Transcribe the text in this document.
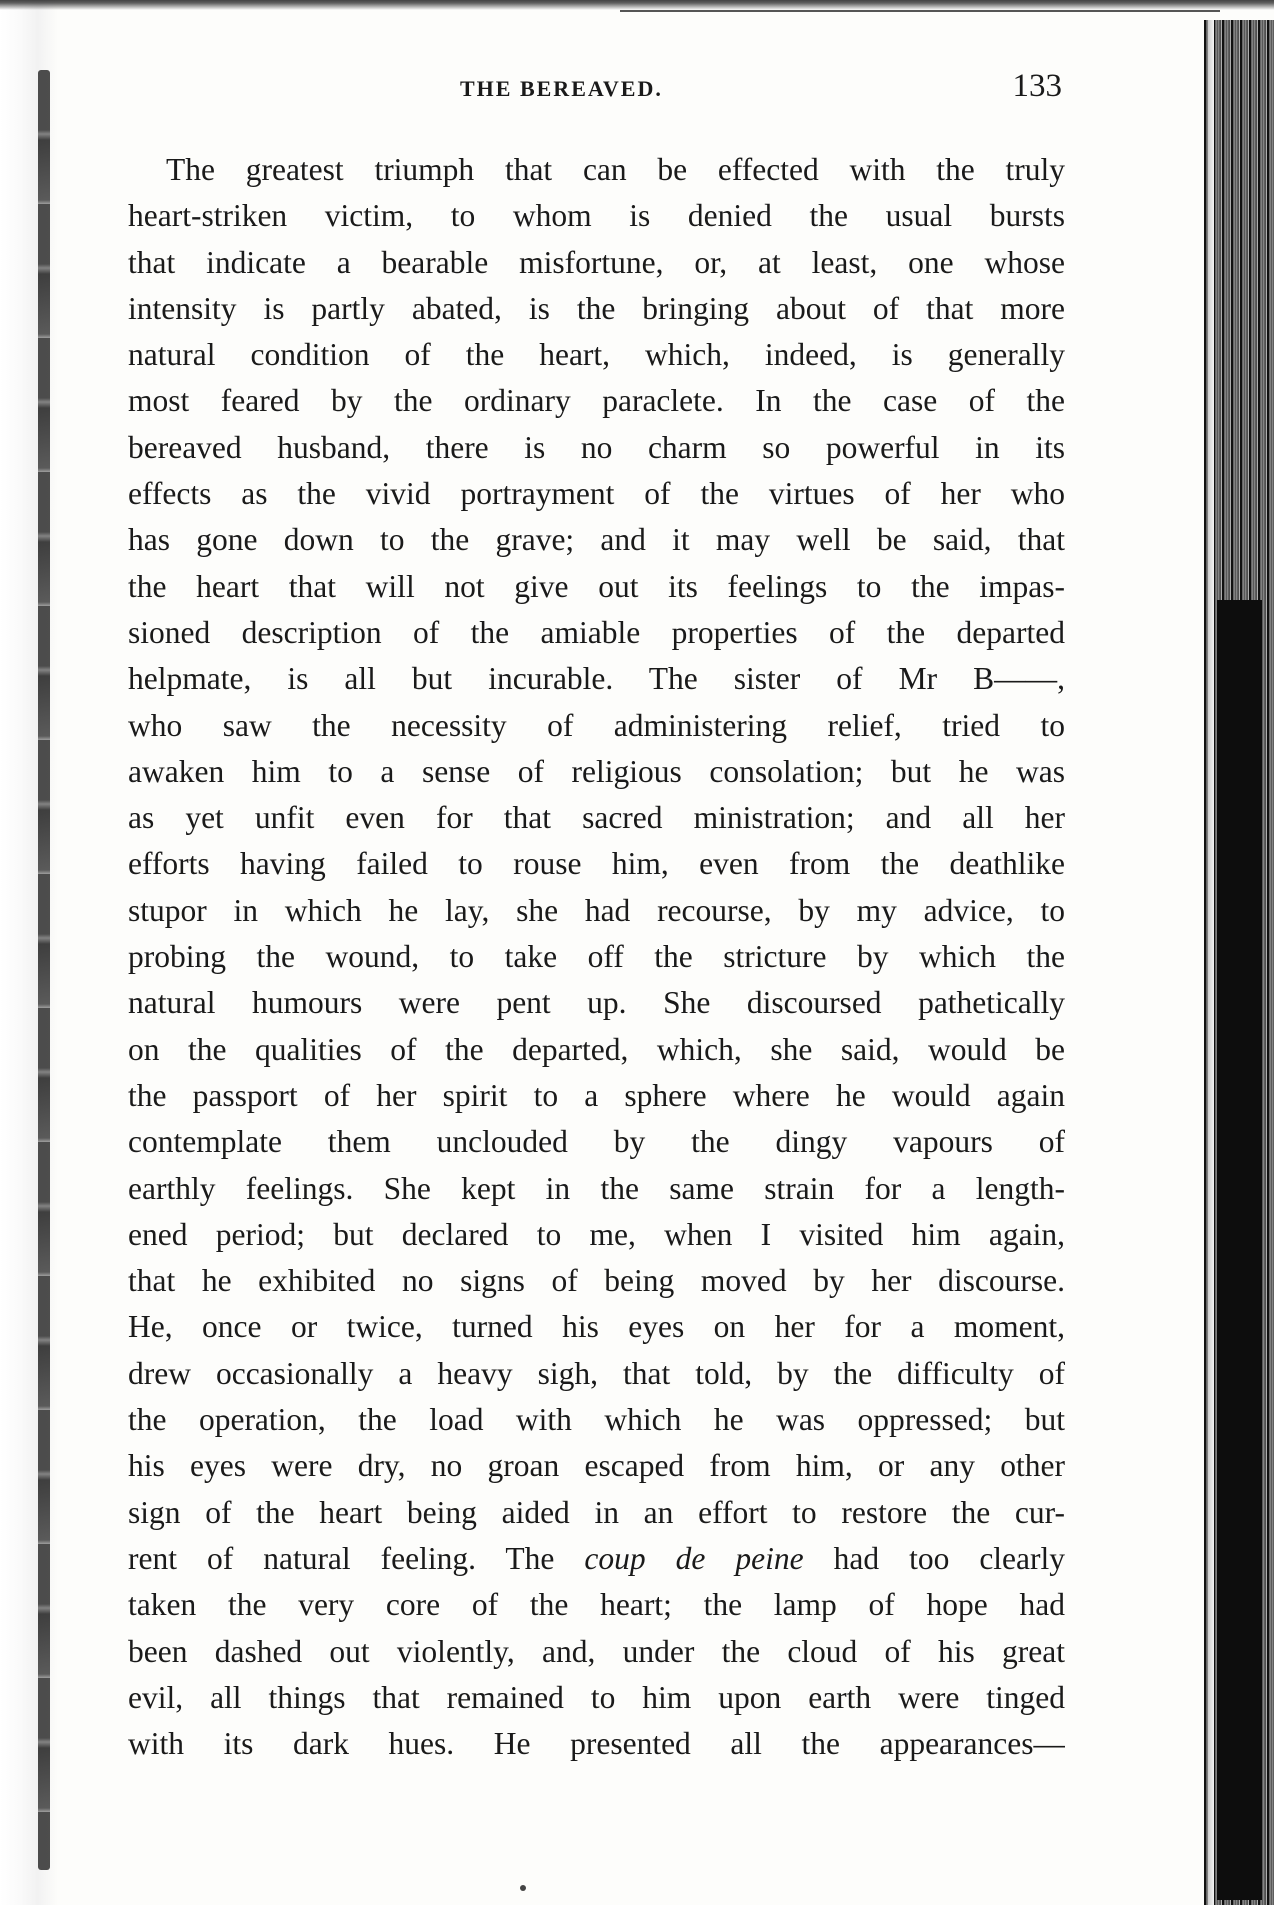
THE BEREAVED.	133
The greatest triumph that can be effected with the truly
heart-striken victim, to whom is denied the usual bursts
that indicate a bearable misfortune, or, at least, one whose
intensity is partly abated, is the bringing about of that more
natural condition of the heart, which, indeed, is generally
most feared by the ordinary paraclete. In the case of the
bereaved husband, there is no charm so powerful in its
effects as the vivid portrayment of the virtues of her who
has gone down to the grave; and it may well be said, that
the heart that will not give out its feelings to the impas-
sioned description of the amiable properties of the departed
helpmate, is all but incurable. The sister of Mr B——,
who saw the necessity of administering relief, tried to
awaken him to a sense of religious consolation; but he was
as yet unfit even for that sacred ministration; and all her
efforts having failed to rouse him, even from the deathlike
stupor in which he lay, she had recourse, by my advice, to
probing the wound, to take off the stricture by which the
natural humours were pent up. She discoursed pathetically
on the qualities of the departed, which, she said, would be
the passport of her spirit to a sphere where he would again
contemplate them unclouded by the dingy vapours of
earthly feelings. She kept in the same strain for a length-
ened period; but declared to me, when I visited him again,
that he exhibited no signs of being moved by her discourse.
He, once or twice, turned his eyes on her for a moment,
drew occasionally a heavy sigh, that told, by the difficulty of
the operation, the load with which he was oppressed; but
his eyes were dry, no groan escaped from him, or any other
sign of the heart being aided in an effort to restore the cur-
rent of natural feeling. The coup de peine had too clearly
taken the very core of the heart; the lamp of hope had
been dashed out violently, and, under the cloud of his great
evil, all things that remained to him upon earth were tinged
with its dark hues. He presented all the appearances—
